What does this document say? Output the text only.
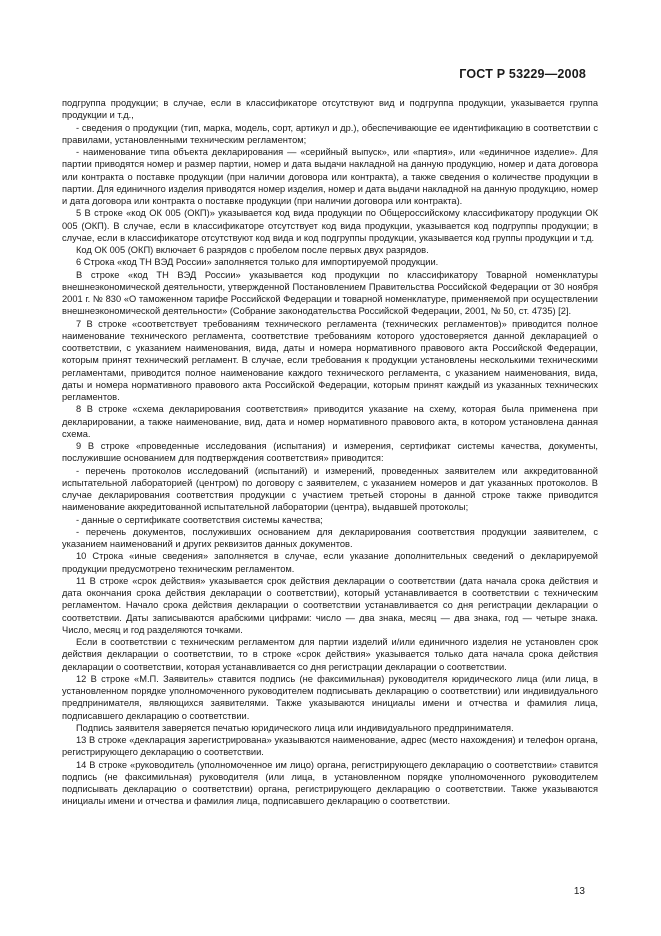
ГОСТ Р 53229—2008

подгруппа продукции; в случае, если в классификаторе отсутствуют вид и подгруппа продукции, указывается группа продукции и т.д.,

- сведения о продукции (тип, марка, модель, сорт, артикул и др.), обеспечивающие ее идентификацию в соответствии с правилами, установленными техническим регламентом;

- наименование типа объекта декларирования — «серийный выпуск», или «партия», или «единичное изделие». Для партии приводятся номер и размер партии, номер и дата выдачи накладной на данную продукцию, номер и дата договора или контракта о поставке продукции (при наличии договора или контракта), а также сведения о количестве продукции в партии. Для единичного изделия приводятся номер изделия, номер и дата выдачи накладной на данную продукцию, номер и дата договора или контракта о поставке продукции (при наличии договора или контракта).

5 В строке «код ОК 005 (ОКП)» указывается код вида продукции по Общероссийскому классификатору продукции ОК 005 (ОКП). В случае, если в классификаторе отсутствует код вида продукции, указывается код подгруппы продукции; в случае, если в классификаторе отсутствуют код вида и код подгруппы продукции, указывается код группы продукции и т.д.

Код ОК 005 (ОКП) включает 6 разрядов с пробелом после первых двух разрядов.

6 Строка «код ТН ВЭД России» заполняется только для импортируемой продукции.

В строке «код ТН ВЭД России» указывается код продукции по классификатору Товарной номенклатуры внешнеэкономической деятельности, утвержденной Постановлением Правительства Российской Федерации от 30 ноября 2001 г. № 830 «О таможенном тарифе Российской Федерации и товарной номенклатуре, применяемой при осуществлении внешнеэкономической деятельности» (Собрание законодательства Российской Федерации, 2001, № 50, ст. 4735) [2].

7 В строке «соответствует требованиям технического регламента (технических регламентов)» приводится полное наименование технического регламента, соответствие требованиям которого удостоверяется данной декларацией о соответствии, с указанием наименования, вида, даты и номера нормативного правового акта Российской Федерации, которым принят технический регламент. В случае, если требования к продукции установлены несколькими техническими регламентами, приводится полное наименование каждого технического регламента, с указанием наименования, вида, даты и номера нормативного правового акта Российской Федерации, которым принят каждый из указанных технических регламентов.

8 В строке «схема декларирования соответствия» приводится указание на схему, которая была применена при декларировании, а также наименование, вид, дата и номер нормативного правового акта, в котором установлена данная схема.

9 В строке «проведенные исследования (испытания) и измерения, сертификат системы качества, документы, послужившие основанием для подтверждения соответствия» приводится:

- перечень протоколов исследований (испытаний) и измерений, проведенных заявителем или аккредитованной испытательной лабораторией (центром) по договору с заявителем, с указанием номеров и дат указанных протоколов. В случае декларирования соответствия продукции с участием третьей стороны в данной строке также приводится наименование аккредитованной испытательной лаборатории (центра), выдавшей протоколы;

- данные о сертификате соответствия системы качества;

- перечень документов, послуживших основанием для декларирования соответствия продукции заявителем, с указанием наименований и других реквизитов данных документов.

10 Строка «иные сведения» заполняется в случае, если указание дополнительных сведений о декларируемой продукции предусмотрено техническим регламентом.

11 В строке «срок действия» указывается срок действия декларации о соответствии (дата начала срока действия и дата окончания срока действия декларации о соответствии), который устанавливается в соответствии с техническим регламентом. Начало срока действия декларации о соответствии устанавливается со дня регистрации декларации о соответствии. Даты записываются арабскими цифрами: число — два знака, месяц — два знака, год — четыре знака. Число, месяц и год разделяются точками.

Если в соответствии с техническим регламентом для партии изделий и/или единичного изделия не установлен срок действия декларации о соответствии, то в строке «срок действия» указывается только дата начала срока действия декларации о соответствии, которая устанавливается со дня регистрации декларации о соответствии.

12 В строке «М.П. Заявитель» ставится подпись (не факсимильная) руководителя юридического лица (или лица, в установленном порядке уполномоченного руководителем подписывать декларацию о соответствии) или индивидуального предпринимателя, являющихся заявителями. Также указываются инициалы имени и отчества и фамилия лица, подписавшего декларацию о соответствии.

Подпись заявителя заверяется печатью юридического лица или индивидуального предпринимателя.

13 В строке «декларация зарегистрирована» указываются наименование, адрес (место нахождения) и телефон органа, регистрирующего декларацию о соответствии.

14 В строке «руководитель (уполномоченное им лицо) органа, регистрирующего декларацию о соответствии» ставится подпись (не факсимильная) руководителя (или лица, в установленном порядке уполномоченного руководителем подписывать декларацию о соответствии) органа, регистрирующего декларацию о соответствии. Также указываются инициалы имени и отчества и фамилия лица, подписавшего декларацию о соответствии.

13
